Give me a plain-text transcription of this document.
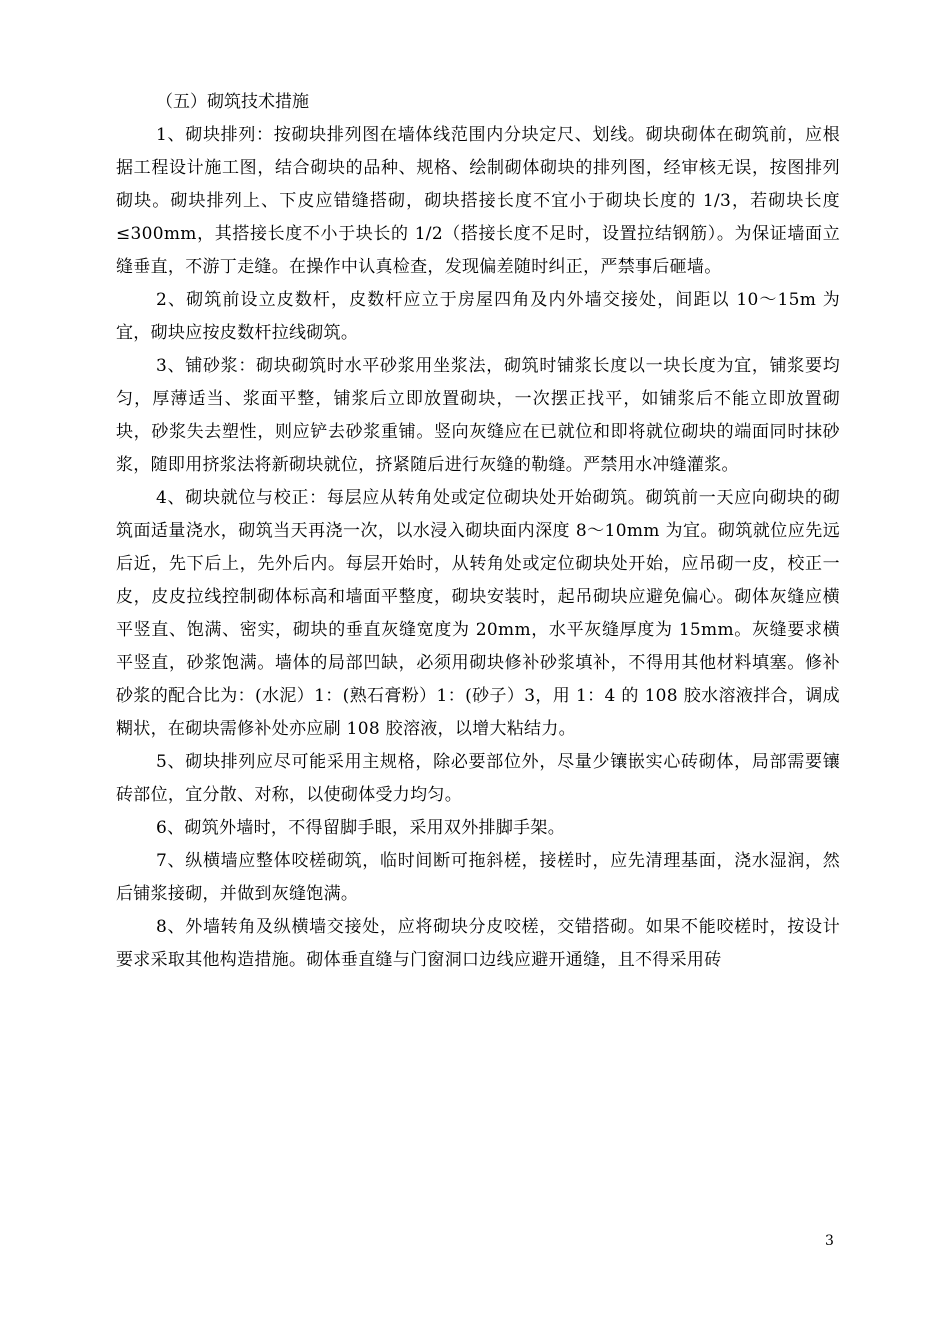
（五）砌筑技术措施

1、砌块排列：按砌块排列图在墙体线范围内分块定尺、划线。砌块砌体在砌筑前，应根据工程设计施工图，结合砌块的品种、规格、绘制砌体砌块的排列图，经审核无误，按图排列砌块。砌块排列上、下皮应错缝搭砌，砌块搭接长度不宜小于砌块长度的 1/3，若砌块长度≤300mm，其搭接长度不小于块长的 1/2（搭接长度不足时，设置拉结钢筋）。为保证墙面立缝垂直，不游丁走缝。在操作中认真检查，发现偏差随时纠正，严禁事后砸墙。

2、砌筑前设立皮数杆，皮数杆应立于房屋四角及内外墙交接处，间距以 10～15m 为宜，砌块应按皮数杆拉线砌筑。

3、铺砂浆：砌块砌筑时水平砂浆用坐浆法，砌筑时铺浆长度以一块长度为宜，铺浆要均匀，厚薄适当、浆面平整，铺浆后立即放置砌块，一次摆正找平，如铺浆后不能立即放置砌块，砂浆失去塑性，则应铲去砂浆重铺。竖向灰缝应在已就位和即将就位砌块的端面同时抹砂浆，随即用挤浆法将新砌块就位，挤紧随后进行灰缝的勒缝。严禁用水冲缝灌浆。

4、砌块就位与校正：每层应从转角处或定位砌块处开始砌筑。砌筑前一天应向砌块的砌筑面适量浇水，砌筑当天再浇一次，以水浸入砌块面内深度 8～10mm 为宜。砌筑就位应先远后近，先下后上，先外后内。每层开始时，从转角处或定位砌块处开始，应吊砌一皮，校正一皮，皮皮拉线控制砌体标高和墙面平整度，砌块安装时，起吊砌块应避免偏心。砌体灰缝应横平竖直、饱满、密实，砌块的垂直灰缝宽度为 20mm，水平灰缝厚度为 15mm。灰缝要求横平竖直，砂浆饱满。墙体的局部凹缺，必须用砌块修补砂浆填补，不得用其他材料填塞。修补砂浆的配合比为：(水泥）1：(熟石膏粉）1：(砂子）3，用 1：4 的 108 胶水溶液拌合，调成糊状，在砌块需修补处亦应刷 108 胶溶液，以增大粘结力。

5、砌块排列应尽可能采用主规格，除必要部位外，尽量少镶嵌实心砖砌体，局部需要镶砖部位，宜分散、对称，以使砌体受力均匀。

6、砌筑外墙时，不得留脚手眼，采用双外排脚手架。

7、纵横墙应整体咬槎砌筑，临时间断可拖斜槎，接槎时，应先清理基面，浇水湿润，然后铺浆接砌，并做到灰缝饱满。

8、外墙转角及纵横墙交接处，应将砌块分皮咬槎，交错搭砌。如果不能咬槎时，按设计要求采取其他构造措施。砌体垂直缝与门窗洞口边线应避开通缝，且不得采用砖

3
